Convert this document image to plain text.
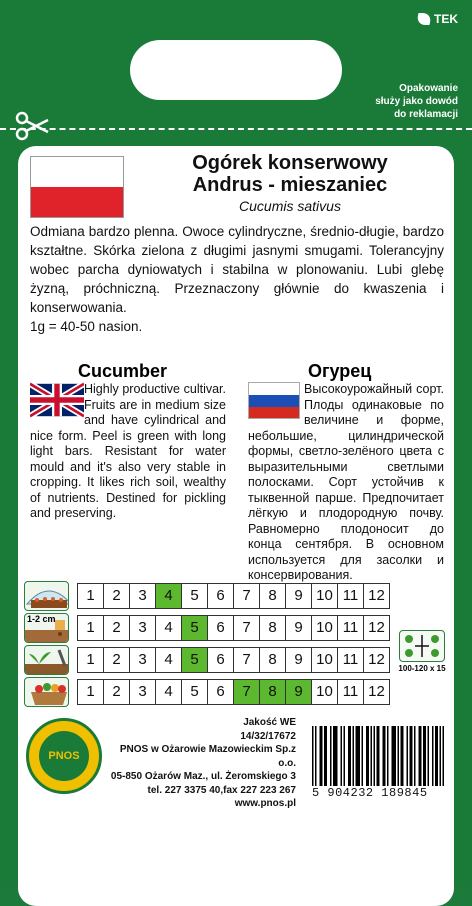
TEK
Opakowanie
służy jako dowód
do reklamacji
Ogórek konserwowy
Andrus - mieszaniec
Cucumis sativus
Odmiana bardzo plenna. Owoce cylindryczne, średnio-długie, bardzo kształtne. Skórka zielona z długimi jasnymi smugami. Tolerancyjny wobec parcha dyniowatych i stabilna w plonowaniu. Lubi glebę żyzną, próchniczną. Przeznaczony głównie do kwaszenia i konserwowania.
1g = 40-50 nasion.
Cucumber	Огурец
Highly productive cultivar. Fruits are in medium size and have cylindrical and nice form. Peel is green with long light bars. Resistant for water mould and it's also very stable in cropping. It likes rich soil, wealthy of nutrients. Destined for pickling and preserving.
Высокоурожайный сорт. Плоды одинаковые по величине и форме, небольшие, цилиндрической формы, светло-зелёного цвета с выразительными светлыми полосками. Сорт устойчив к тыквенной парше. Предпочитает лёгкую и плодородную почву. Равномерно плодоносит до конца сентября. В основном используется для засолки и консервирования.
1	2	3	4	5	6	7	8	9 10 11 12
1-2 cm	1	2	3	4	5	6	7	8	9 10 11 12
1	2	3	4	5	6	7	8	9 10 11 12
1	2	3	4	5	6	7	8	9 10 11 12
100-120 x 15
PNOS
Jakość WE
14/32/17672
PNOS w Ożarowie Mazowieckim Sp.z o.o.
05-850 Ożarów Maz., ul. Żeromskiego 3
tel. 227 3375 40,fax 227 223 267
www.pnos.pl
5 904232 189845
